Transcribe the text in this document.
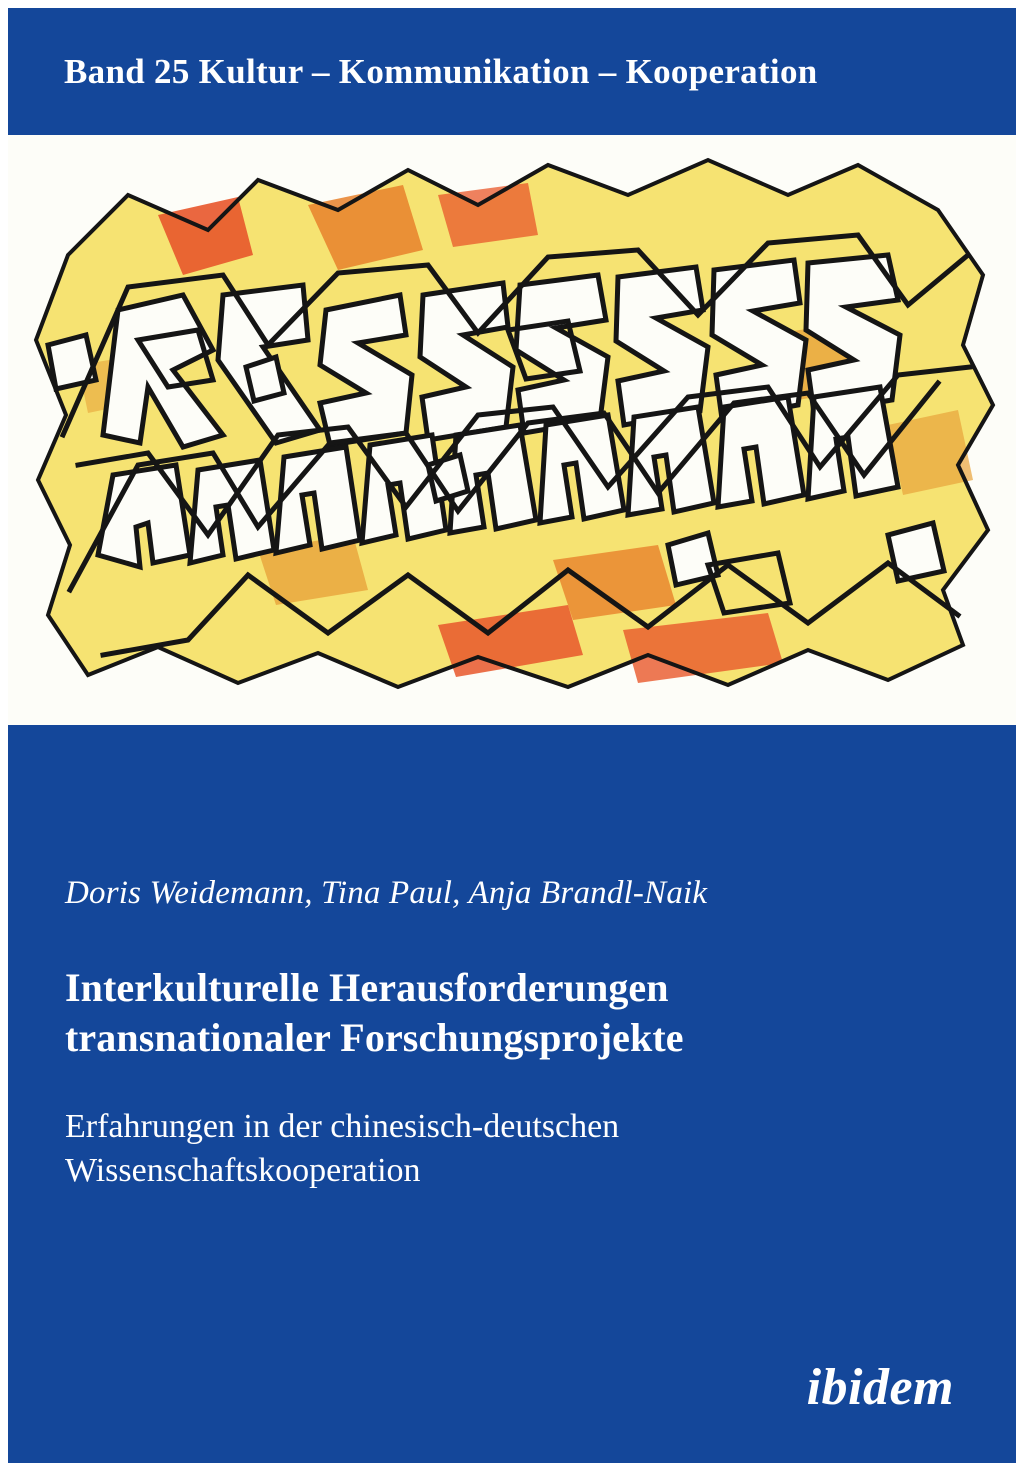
Band 25 Kultur – Kommunikation – Kooperation
Doris Weidemann, Tina Paul, Anja Brandl-Naik
Interkulturelle Herausforderungen
transnationaler Forschungsprojekte
Erfahrungen in der chinesisch-deutschen
Wissenschaftskooperation
ibidem
